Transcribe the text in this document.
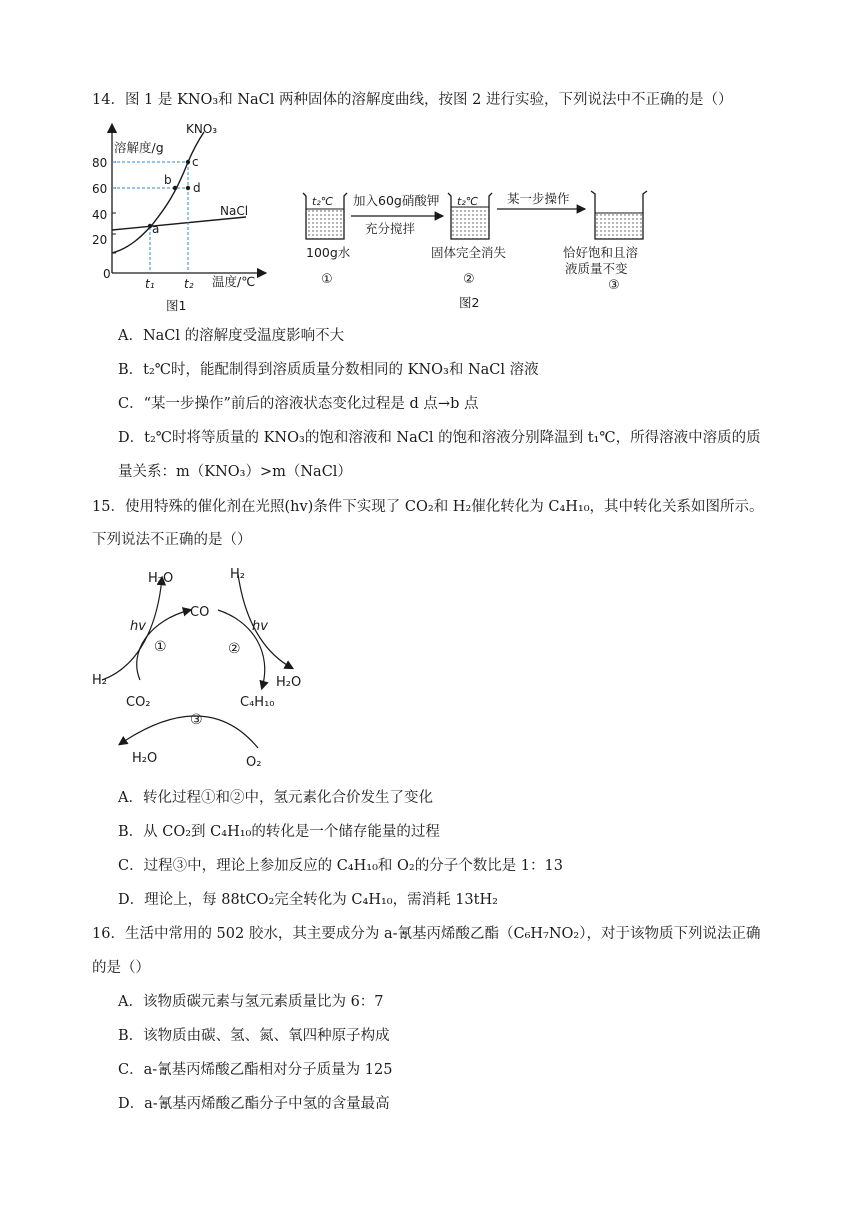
14．图 1 是 KNO₃和 NaCl 两种固体的溶解度曲线，按图 2 进行实验，下列说法中不正确的是（）
0
20
40
60
80
溶解度/g
KNO₃
NaCl
a
b
c
d
t₁ t₂ 温度/℃
图1
t₂℃	t₂℃
加入60g硝酸钾
充分搅拌
某一步操作
100g水	固体完全消失	恰好饱和且溶
液质量不变
①	②	③
图2
A．NaCl 的溶解度受温度影响不大
B．t₂℃时，能配制得到溶质质量分数相同的 KNO₃和 NaCl 溶液
C．“某一步操作”前后的溶液状态变化过程是 d 点→b 点
D．t₂℃时将等质量的 KNO₃的饱和溶液和 NaCl 的饱和溶液分别降温到 t₁℃，所得溶液中溶质的质
量关系：m（KNO₃）>m（NaCl）
15．使用特殊的催化剂在光照(hv)条件下实现了 CO₂和 H₂催化转化为 C₄H₁₀，其中转化关系如图所示。
下列说法不正确的是（）
H₂O	H₂
CO
hv	hv
①	②
H₂	H₂O
CO₂	C₄H₁₀
③
H₂O	O₂
A．转化过程①和②中，氢元素化合价发生了变化
B．从 CO₂到 C₄H₁₀的转化是一个储存能量的过程
C．过程③中，理论上参加反应的 C₄H₁₀和 O₂的分子个数比是 1：13
D．理论上，每 88tCO₂完全转化为 C₄H₁₀，需消耗 13tH₂
16．生活中常用的 502 胶水，其主要成分为 a-氰基丙烯酸乙酯（C₆H₇NO₂），对于该物质下列说法正确
的是（）
A．该物质碳元素与氢元素质量比为 6：7
B．该物质由碳、氢、氮、氧四种原子构成
C．a-氰基丙烯酸乙酯相对分子质量为 125
D．a-氰基丙烯酸乙酯分子中氢的含量最高
